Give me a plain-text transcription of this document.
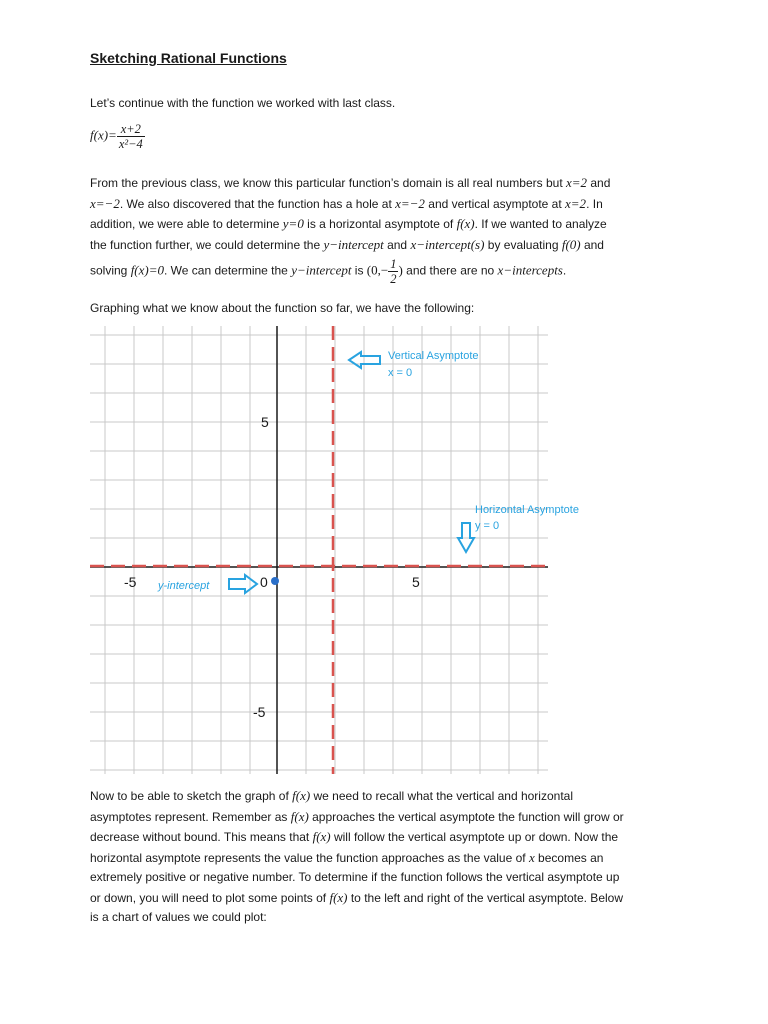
Sketching Rational Functions
Let’s continue with the function we worked with last class.
$f(x)= \frac{x+2}{\text{x²−4}}$
From the previous class, we know this particular function’s domain is all real numbers but x=2 and
x=−2. We also discovered that the function has a hole at x=−2 and vertical asymptote at x=2. In
addition, we were able to determine y=0 is a horizontal asymptote of f(x). If we wanted to analyze
the function further, we could determine the y−intercept and x−intercept(s) by evaluating f(0) and
solving f(x)=0. We can determine the y−intercept is ($0,- \frac{1}{2}$ ) and there are no x−intercepts.
Graphing what we know about the function so far, we have the following:
Now to be able to sketch the graph of f(x) we need to recall what the vertical and horizontal
asymptotes represent. Remember as f(x) approaches the vertical asymptote the function will grow or
decrease without bound. This means that f(x) will follow the vertical asymptote up or down. Now the
horizontal asymptote represents the value the function approaches as the value of x becomes an
extremely positive or negative number. To determine if the function follows the vertical asymptote up
or down, you will need to plot some points of f(x) to the left and right of the vertical asymptote. Below
is a chart of values we could plot:
-5	5
5
-5
0
Vertical Asymptote
x = 0
Horizontal Asymptote
y = 0
y-intercept
